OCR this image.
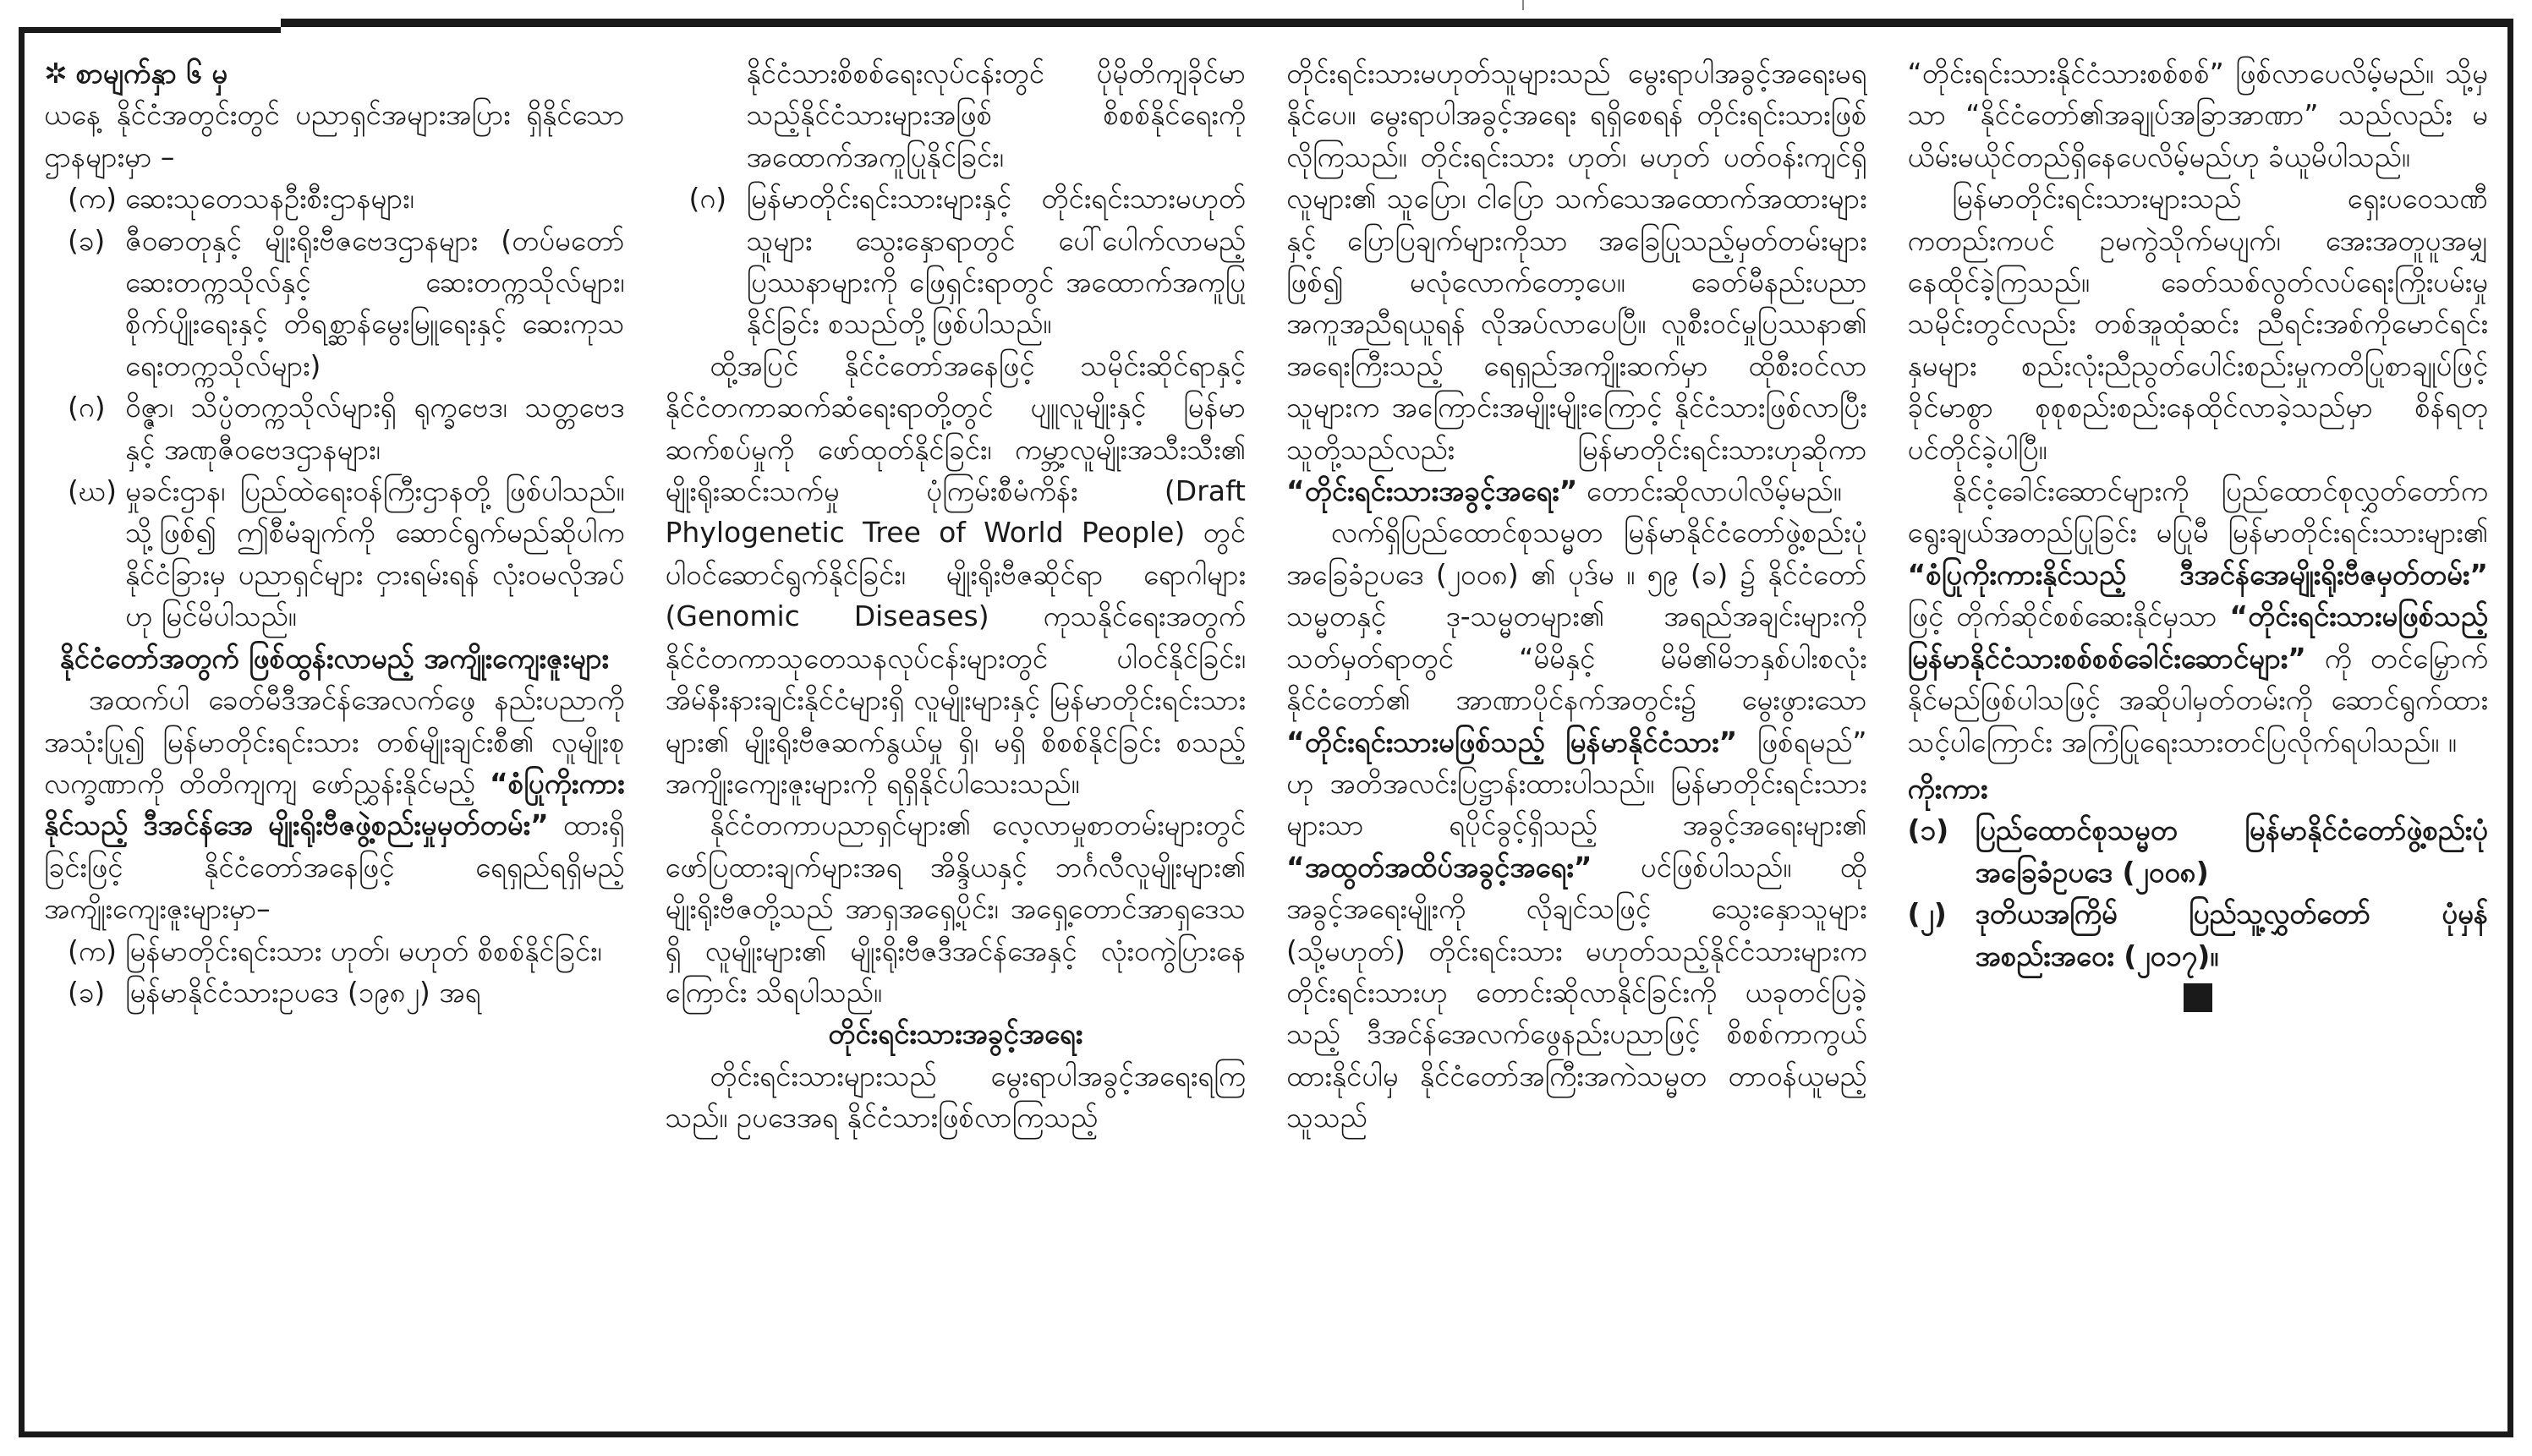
✲ စာမျက်နှာ ၆ မှ

ယနေ့ နိုင်ငံအတွင်းတွင် ပညာရှင်အများအပြား ရှိနိုင်သောဌာနများမှာ –

(က) ဆေးသုတေသနဦးစီးဌာနများ၊
(ခ) ဇီဝဓာတုနှင့် မျိုးရိုးဗီဇဗေဒဌာနများ (တပ်မတော်ဆေးတက္ကသိုလ်နှင့် ဆေးတက္ကသိုလ်များ၊ စိုက်ပျိုးရေးနှင့် တိရစ္ဆာန်မွေးမြူရေးနှင့် ဆေးကုသရေးတက္ကသိုလ်များ)
(ဂ) ဝိဇ္ဇာ၊ သိပ္ပံတက္ကသိုလ်များရှိ ရုက္ခဗေဒ၊ သတ္တဗေဒနှင့် အဏုဇီဝဗေဒဌာနများ၊
(ဃ) မှုခင်းဌာန၊ ပြည်ထဲရေးဝန်ကြီးဌာနတို့ ဖြစ်ပါသည်။ သို့ဖြစ်၍ ဤစီမံချက်ကို ဆောင်ရွက်မည်ဆိုပါက နိုင်ငံခြားမှ ပညာရှင်များ ငှားရမ်းရန် လုံးဝမလိုအပ်ဟု မြင်မိပါသည်။

နိုင်ငံတော်အတွက် ဖြစ်ထွန်းလာမည့် အကျိုးကျေးဇူးများ

အထက်ပါ ခေတ်မီဒီအင်န်အေလက်ဖွေ နည်းပညာကို အသုံးပြု၍ မြန်မာတိုင်းရင်းသား တစ်မျိုးချင်းစီ၏ လူမျိုးစုလက္ခဏာကို တိတိကျကျ ဖော်ညွှန်းနိုင်မည့် “စံပြုကိုးကားနိုင်သည့် ဒီအင်န်အေ မျိုးရိုးဗီဇဖွဲ့စည်းမှုမှတ်တမ်း” ထားရှိခြင်းဖြင့် နိုင်ငံတော်အနေဖြင့် ရေရှည်ရရှိမည့် အကျိုးကျေးဇူးများမှာ–

(က) မြန်မာတိုင်းရင်းသား ဟုတ်၊ မဟုတ် စိစစ်နိုင်ခြင်း၊
(ခ) မြန်မာနိုင်ငံသားဥပဒေ (၁၉၈၂) အရ
နိုင်ငံသားစိစစ်ရေးလုပ်ငန်းတွင် ပိုမိုတိကျခိုင်မာသည့်နိုင်ငံသားများအဖြစ် စိစစ်နိုင်ရေးကို အထောက်အကူပြုနိုင်ခြင်း၊
(ဂ) မြန်မာတိုင်းရင်းသားများနှင့် တိုင်းရင်းသားမဟုတ်သူများ သွေးနှောရာတွင် ပေါ်ပေါက်လာမည့်ပြဿနာများကို ဖြေရှင်းရာတွင် အထောက်အကူပြုနိုင်ခြင်း စသည်တို့ဖြစ်ပါသည်။

ထို့အပြင် နိုင်ငံတော်အနေဖြင့် သမိုင်းဆိုင်ရာနှင့် နိုင်ငံတကာဆက်ဆံရေးရာတို့တွင် ပျူလူမျိုးနှင့် မြန်မာဆက်စပ်မှုကို ဖော်ထုတ်နိုင်ခြင်း၊ ကမ္ဘာ့လူမျိုးအသီးသီး၏ မျိုးရိုးဆင်းသက်မှု ပုံကြမ်းစီမံကိန်း (Draft Phylogenetic Tree of World People) တွင် ပါဝင်ဆောင်ရွက်နိုင်ခြင်း၊ မျိုးရိုးဗီဇဆိုင်ရာ ရောဂါများ (Genomic Diseases) ကုသနိုင်ရေးအတွက် နိုင်ငံတကာသုတေသနလုပ်ငန်းများတွင် ပါဝင်နိုင်ခြင်း၊ အိမ်နီးနားချင်းနိုင်ငံများရှိ လူမျိုးများနှင့် မြန်မာတိုင်းရင်းသားများ၏ မျိုးရိုးဗီဇဆက်နွယ်မှု ရှိ၊ မရှိ စိစစ်နိုင်ခြင်း စသည့်အကျိုးကျေးဇူးများကို ရရှိနိုင်ပါသေးသည်။

နိုင်ငံတကာပညာရှင်များ၏ လေ့လာမှုစာတမ်းများတွင် ဖော်ပြထားချက်များအရ အိန္ဒိယနှင့် ဘင်္ဂလီလူမျိုးများ၏ မျိုးရိုးဗီဇတို့သည် အာရှအရှေ့ပိုင်း၊ အရှေ့တောင်အာရှဒေသရှိ လူမျိုးများ၏ မျိုးရိုးဗီဇဒီအင်န်အေနှင့် လုံးဝကွဲပြားနေကြောင်း သိရပါသည်။

တိုင်းရင်းသားအခွင့်အရေး

တိုင်းရင်းသားများသည် မွေးရာပါအခွင့်အရေးရကြသည်။ ဥပဒေအရ နိုင်ငံသားဖြစ်လာကြသည့်

တိုင်းရင်းသားမဟုတ်သူများသည် မွေးရာပါအခွင့်အရေးမရနိုင်ပေ။ မွေးရာပါအခွင့်အရေး ရရှိစေရန် တိုင်းရင်းသားဖြစ်လိုကြသည်။ တိုင်းရင်းသား ဟုတ်၊ မဟုတ် ပတ်ဝန်းကျင်ရှိ လူများ၏ သူပြော၊ ငါပြော သက်သေအထောက်အထားများနှင့် ပြောပြချက်များကိုသာ အခြေပြုသည့်မှတ်တမ်းများဖြစ်၍ မလုံလောက်တော့ပေ။ ခေတ်မီနည်းပညာ အကူအညီရယူရန် လိုအပ်လာပေပြီ။ လူစီးဝင်မှုပြဿနာ၏ အရေးကြီးသည့် ရေရှည်အကျိုးဆက်မှာ ထိုစီးဝင်လာသူများက အကြောင်းအမျိုးမျိုးကြောင့် နိုင်ငံသားဖြစ်လာပြီး သူတို့သည်လည်း မြန်မာတိုင်းရင်းသားဟုဆိုကာ “တိုင်းရင်းသားအခွင့်အရေး” တောင်းဆိုလာပါလိမ့်မည်။

လက်ရှိပြည်ထောင်စုသမ္မတ မြန်မာနိုင်ငံတော်ဖွဲ့စည်းပုံအခြေခံဥပဒေ (၂၀၀၈) ၏ ပုဒ်မ ။ ၅၉ (ခ) ၌ နိုင်ငံတော်သမ္မတနှင့် ဒု-သမ္မတများ၏ အရည်အချင်းများကို သတ်မှတ်ရာတွင် “မိမိနှင့် မိမိ၏မိဘနှစ်ပါးစလုံး နိုင်ငံတော်၏ အာဏာပိုင်နက်အတွင်း၌ မွေးဖွားသော “တိုင်းရင်းသားမဖြစ်သည့် မြန်မာနိုင်ငံသား” ဖြစ်ရမည်” ဟု အတိအလင်းပြဋ္ဌာန်းထားပါသည်။ မြန်မာတိုင်းရင်းသားများသာ ရပိုင်ခွင့်ရှိသည့် အခွင့်အရေးများ၏ “အထွတ်အထိပ်အခွင့်အရေး” ပင်ဖြစ်ပါသည်။ ထိုအခွင့်အရေးမျိုးကို လိုချင်သဖြင့် သွေးနှောသူများ (သို့မဟုတ်) တိုင်းရင်းသား မဟုတ်သည့်နိုင်ငံသားများက တိုင်းရင်းသားဟု တောင်းဆိုလာနိုင်ခြင်းကို ယခုတင်ပြခဲ့သည့် ဒီအင်န်အေလက်ဖွေနည်းပညာဖြင့် စိစစ်ကာကွယ်ထားနိုင်ပါမှ နိုင်ငံတော်အကြီးအကဲသမ္မတ တာဝန်ယူမည့်သူသည်

“တိုင်းရင်းသားနိုင်ငံသားစစ်စစ်” ဖြစ်လာပေလိမ့်မည်။ သို့မှသာ “နိုင်ငံတော်၏အချုပ်အခြာအာဏာ” သည်လည်း မယိမ်းမယိုင်တည်ရှိနေပေလိမ့်မည်ဟု ခံယူမိပါသည်။

မြန်မာတိုင်းရင်းသားများသည် ရှေးပဝေသဏီကတည်းကပင် ဥမကွဲသိုက်မပျက်၊ အေးအတူပူအမျှနေထိုင်ခဲ့ကြသည်။ ခေတ်သစ်လွတ်လပ်ရေးကြိုးပမ်းမှုသမိုင်းတွင်လည်း တစ်အူထုံဆင်း ညီရင်းအစ်ကိုမောင်ရင်းနှမများ စည်းလုံးညီညွတ်ပေါင်းစည်းမှုကတိပြုစာချုပ်ဖြင့် ခိုင်မာစွာ စုစုစည်းစည်းနေထိုင်လာခဲ့သည်မှာ စိန်ရတုပင်တိုင်ခဲ့ပါပြီ။

နိုင်ငံ့ခေါင်းဆောင်များကို ပြည်ထောင်စုလွှတ်တော်က ရွေးချယ်အတည်ပြုခြင်း မပြုမီ မြန်မာတိုင်းရင်းသားများ၏ “စံပြုကိုးကားနိုင်သည့် ဒီအင်န်အေမျိုးရိုးဗီဇမှတ်တမ်း” ဖြင့် တိုက်ဆိုင်စစ်ဆေးနိုင်မှသာ “တိုင်းရင်းသားမဖြစ်သည့် မြန်မာနိုင်ငံသားစစ်စစ်ခေါင်းဆောင်များ” ကို တင်မြှောက်နိုင်မည်ဖြစ်ပါသဖြင့် အဆိုပါမှတ်တမ်းကို ဆောင်ရွက်ထားသင့်ပါကြောင်း အကြံပြုရေးသားတင်ပြလိုက်ရပါသည်။ ။

ကိုးကား

(၁) ပြည်ထောင်စုသမ္မတ မြန်မာနိုင်ငံတော်ဖွဲ့စည်းပုံအခြေခံဥပဒေ (၂၀၀၈)
(၂)	ဒုတိယအကြိမ် ပြည်သူ့လွှတ်တော် ပုံမှန်အစည်းအဝေး (၂၀၁၇)။
